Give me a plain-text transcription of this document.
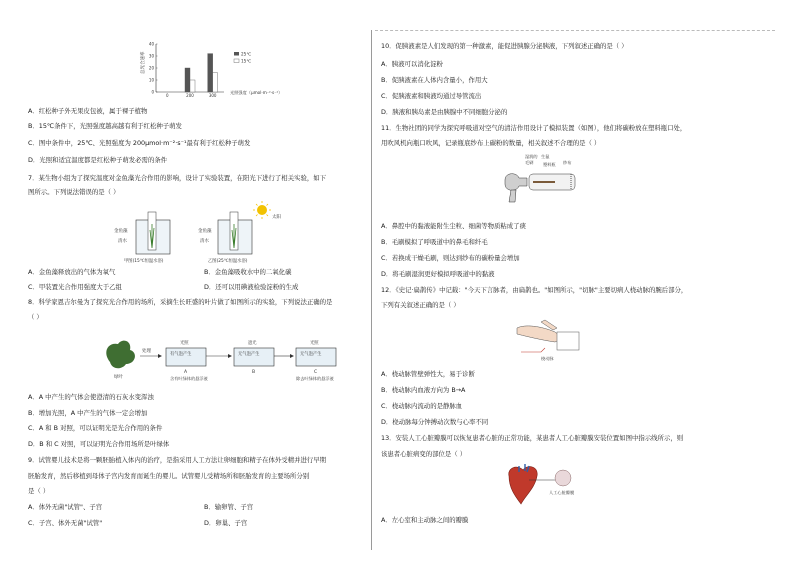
总光合速率
40
30
20
10
0
0	200	300
光照强度（μmol·m⁻²·s⁻¹）
25℃
15℃
A．红松种子外无果皮包被，属于裸子植物
B．15℃条件下，光照强度越高越有利于红松种子萌发
C．图中条件中，25℃、光照强度为 200μmol·m⁻²·s⁻¹最有利于红松种子萌发
D．光照和适宜温度都是红松种子萌发必需的条件
7．某生物小组为了探究温度对金鱼藻光合作用的影响，设计了实验装置，在阳光下进行了相关实验，如下
图所示。下列说法错误的是（ ）
太阳
金鱼藻
清水
甲图(15℃恒温水浴)
金鱼藻
清水
乙图(25℃恒温水浴)
A．金鱼藻释放出的气体为氧气	B．金鱼藻吸收水中的二氧化碳
C．甲装置光合作用强度大于乙组	D．还可以用碘液检验淀粉的生成
8．科学家恩吉尔曼为了探究光合作用的场所，采摘生长旺盛的叶片做了如图所示的实验，下列说法正确的是
（ ）
绿叶
处理
光照
有气泡产生
遮光
无气泡产生
光照
无气泡产生
A	B	C
含有叶绿体的悬浮液	除去叶绿体的悬浮液
A．A 中产生的气体会使澄清的石灰水变浑浊
B．增加光照，A 中产生的气体一定会增加
C．A 和 B 对照，可以证明光是光合作用的条件
D．B 和 C 对照，可以证明光合作用场所是叶绿体
9．试管婴儿技术是将一颗胚胎植入体内的治疗，是指采用人工方法让卵细胞和精子在体外受精并进行早期
胚胎发育，然后移植到母体子宫内发育而诞生的婴儿。试管婴儿受精场所和胚胎发育的主要场所分别
是（ ）
A．体外无菌"试管"、子宫	B．输卵管、子宫
C．子宫、体外无菌"试管"	D．卵巢、子宫
10．促胰液素是人们发现的第一种激素，能促进胰腺分泌胰液，下列叙述正确的是（ ）
A．胰液可以消化淀粉
B．促胰液素在人体内含量小，作用大
C．促胰液素和胰液均通过导管流出
D．胰液和胰岛素是由胰腺中不同细胞分泌的
11．生物社团的同学为探究呼吸道对空气的清洁作用设计了模拟装置（如图），他们将碳粉放在塑料瓶口处，
用吹风机向瓶口吹风，记录瓶底纱布上碳粉的数量，相关叙述不合理的是（ ）
湿润的 生鼠
毛刷 塑料瓶 纱布
A．鼻腔中的黏液能附生尘粒、细菌等物质粘成了痰
B．毛刷模拟了呼吸道中的鼻毛和纤毛
C．若换成干燥毛刷，则达到纱布的碳粉量会增加
D．将毛刷湿润更好模拟呼吸道中的黏液
12．《史记·扁鹊传》中记载："今天下言脉者，由扁鹊也。"如图所示，"切脉"主要切病人桡动脉的腕后部分，
下列有关叙述正确的是（ ）
桡动脉
A．桡动脉管壁弹性大，易于诊断
B．桡动脉内血液方向为 B→A
C．桡动脉内流动的是静脉血
D．桡动脉每分钟搏动次数与心率不同
13．安装人工心脏瓣膜可以恢复患者心脏的正常功能，某患者人工心脏瓣膜安装位置如图中指示线所示，则
该患者心脏病变的部位是（ ）
人工心脏瓣膜
A．左心室和主动脉之间的瓣膜
